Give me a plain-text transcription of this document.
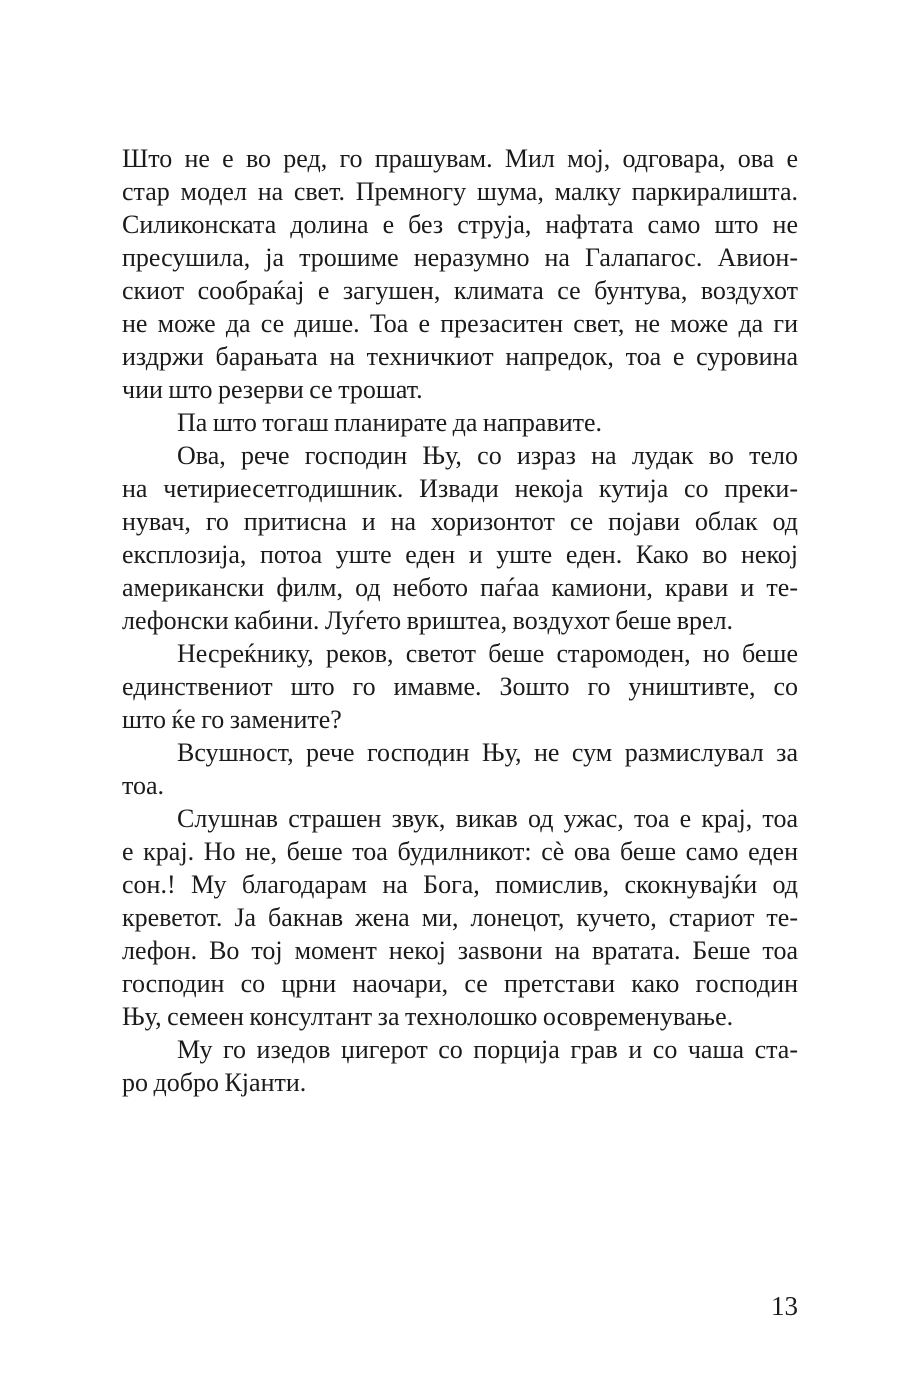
Што не е во ред, го прашувам. Мил мој, одговара, ова е
стар модел на свет. Премногу шума, малку паркиралишта.
Силиконската долина е без струја, нафтата само што не
пресушила, ја трошиме неразумно на Галапагос. Авион-
скиот сообраќај е загушен, климата се бунтува, воздухот
не може да се дише. Тоа е презаситен свет, не може да ги
издржи барањата на техничкиот напредок, тоа е суровина
чии што резерви се трошат.
Па што тогаш планирате да направите.
Ова, рече господин Њу, со израз на лудак во тело
на четириесетгодишник. Извади некоја кутија со преки-
нувач, го притисна и на хоризонтот се појави облак од
експлозија, потоа уште еден и уште еден. Како во некој
американски филм, од небото паѓаа камиони, крави и те-
лефонски кабини. Луѓето вриштеа, воздухот беше врел.
Несреќнику, реков, светот беше старомоден, но беше
единствениот што го имавме. Зошто го уништивте, со
што ќе го замените?
Всушност, рече господин Њу, не сум размислувал за
тоа.
Слушнав страшен звук, викав од ужас, тоа е крај, тоа
е крај. Но не, беше тоа будилникот: сѐ ова беше само еден
сон.! Му благодарам на Бога, помислив, скокнувајќи од
креветот. Ја бакнав жена ми, лонецот, кучето, стариот те-
лефон. Во тој момент некој заѕвони на вратата. Беше тоа
господин со црни наочари, се претстави како господин
Њу, семеен консултант за технолошко осовременување.
Му го изедов џигерот со порција грав и со чаша ста-
ро добро Кјанти.
13
